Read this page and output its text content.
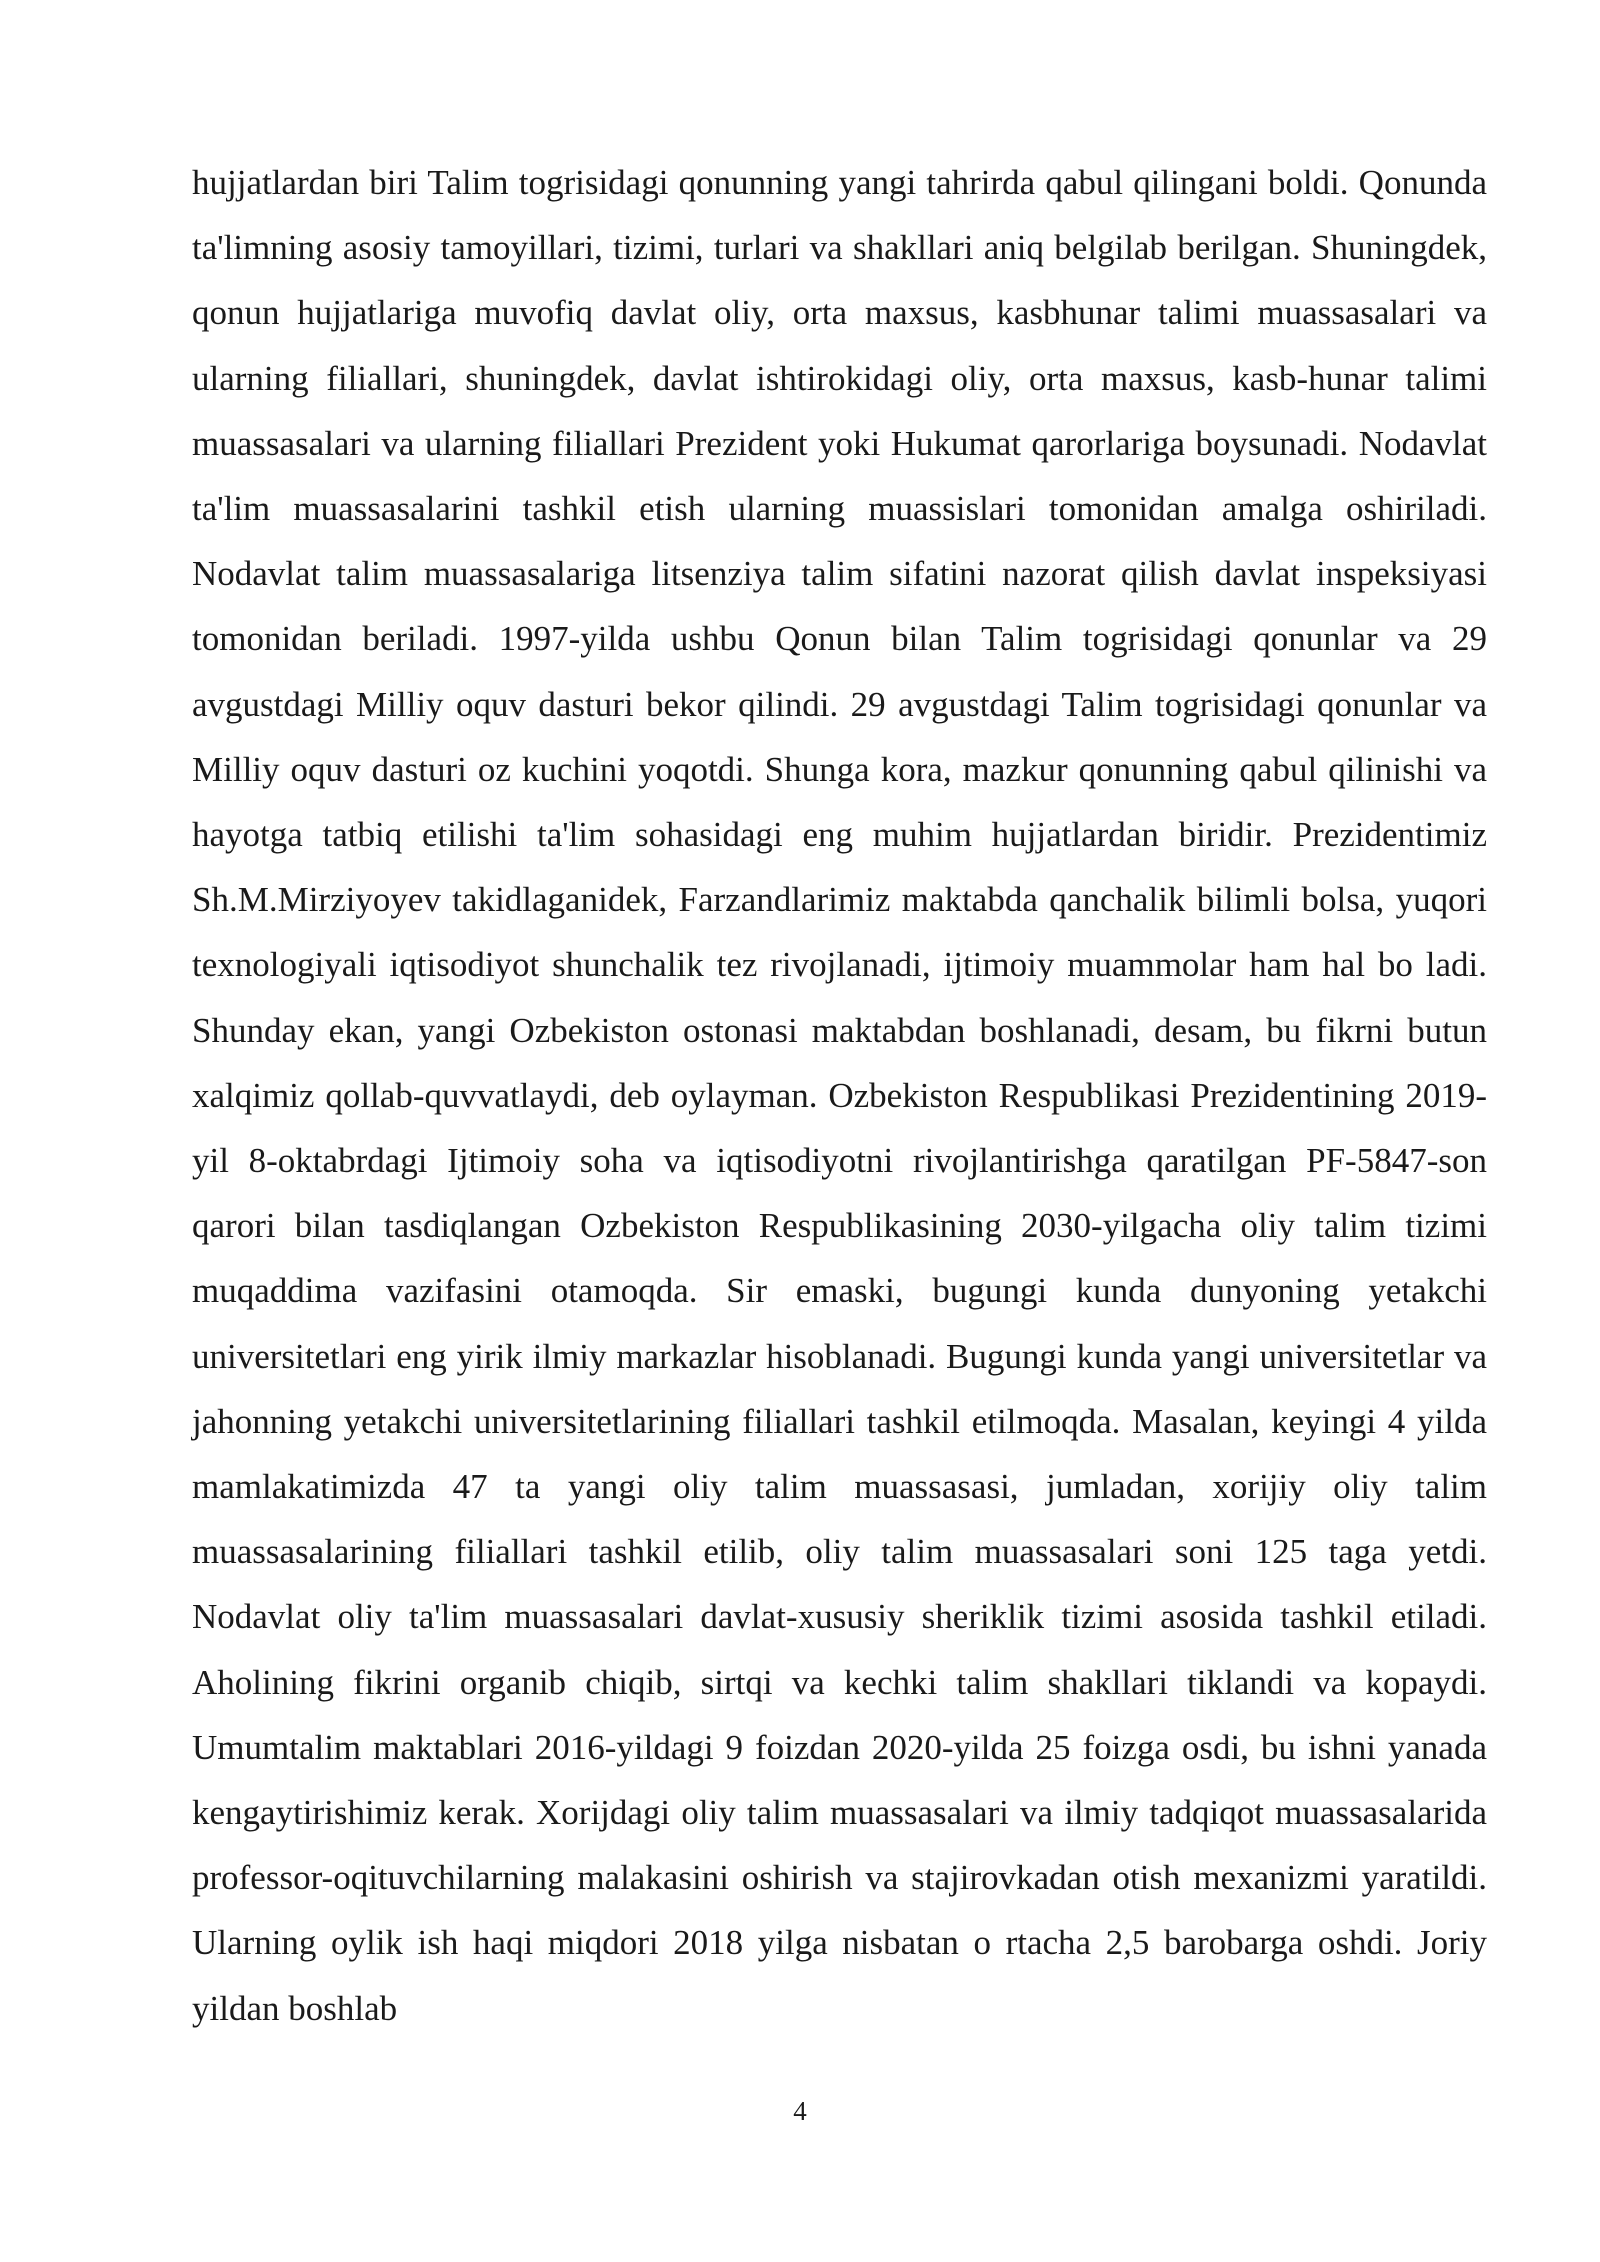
hujjatlardan biri Talim togrisidagi qonunning yangi tahrirda qabul qilingani boldi. Qonunda ta'limning asosiy tamoyillari, tizimi, turlari va shakllari aniq belgilab berilgan. Shuningdek, qonun hujjatlariga muvofiq davlat oliy, orta maxsus, kasbhunar talimi muassasalari va ularning filiallari, shuningdek, davlat ishtirokidagi oliy, orta maxsus, kasb-hunar talimi muassasalari va ularning filiallari Prezident yoki Hukumat qarorlariga boysunadi. Nodavlat ta'lim muassasalarini tashkil etish ularning muassislari tomonidan amalga oshiriladi. Nodavlat talim muassasalariga litsenziya talim sifatini nazorat qilish davlat inspeksiyasi tomonidan beriladi. 1997-yilda ushbu Qonun bilan Talim togrisidagi qonunlar va 29 avgustdagi Milliy oquv dasturi bekor qilindi. 29 avgustdagi Talim togrisidagi qonunlar va Milliy oquv dasturi oz kuchini yoqotdi. Shunga kora, mazkur qonunning qabul qilinishi va hayotga tatbiq etilishi ta'lim sohasidagi eng muhim hujjatlardan biridir. Prezidentimiz Sh.M.Mirziyoyev takidlaganidek, Farzandlarimiz maktabda qanchalik bilimli bolsa, yuqori texnologiyali iqtisodiyot shunchalik tez rivojlanadi, ijtimoiy muammolar ham hal bo ladi. Shunday ekan, yangi Ozbekiston ostonasi maktabdan boshlanadi, desam, bu fikrni butun xalqimiz qollab-quvvatlaydi, deb oylayman. Ozbekiston Respublikasi Prezidentining 2019-yil 8-oktabrdagi Ijtimoiy soha va iqtisodiyotni rivojlantirishga qaratilgan PF-5847-son qarori bilan tasdiqlangan Ozbekiston Respublikasining 2030-yilgacha oliy talim tizimi muqaddima vazifasini otamoqda. Sir emaski, bugungi kunda dunyoning yetakchi universitetlari eng yirik ilmiy markazlar hisoblanadi. Bugungi kunda yangi universitetlar va jahonning yetakchi universitetlarining filiallari tashkil etilmoqda. Masalan, keyingi 4 yilda mamlakatimizda 47 ta yangi oliy talim muassasasi, jumladan, xorijiy oliy talim muassasalarining filiallari tashkil etilib, oliy talim muassasalari soni 125 taga yetdi. Nodavlat oliy ta'lim muassasalari davlat-xususiy sheriklik tizimi asosida tashkil etiladi. Aholining fikrini organib chiqib, sirtqi va kechki talim shakllari tiklandi va kopaydi. Umumtalim maktablari 2016-yildagi 9 foizdan 2020-yilda 25 foizga osdi, bu ishni yanada kengaytirishimiz kerak. Xorijdagi oliy talim muassasalari va ilmiy tadqiqot muassasalarida professor-oqituvchilarning malakasini oshirish va stajirovkadan otish mexanizmi yaratildi. Ularning oylik ish haqi miqdori 2018 yilga nisbatan o rtacha 2,5 barobarga oshdi. Joriy yildan boshlab

4
